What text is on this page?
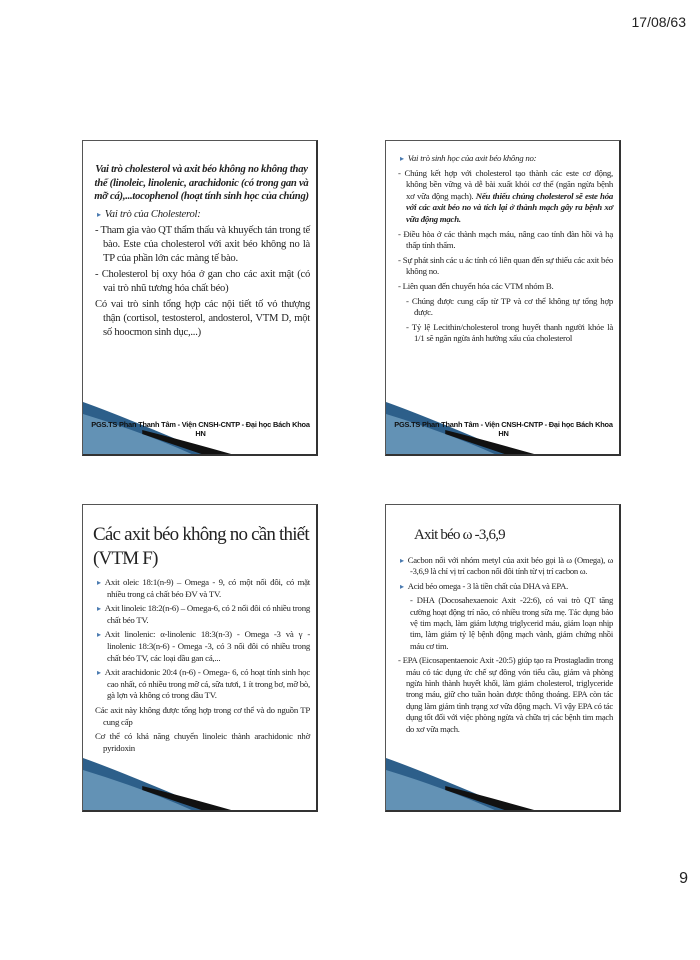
17/08/63
Vai trò cholesterol và axit béo không no không thay thế (linoleic, linolenic, arachidonic (có trong gan và mỡ cá),...tocophenol (hoạt tính sinh học của chúng)

▸ Vai trò của Cholesterol:

- Tham gia vào QT thẩm thấu và khuyếch tán trong tế bào. Este của cholesterol với axit béo không no là TP của phần lớn các màng tế bào.

- Cholesterol bị oxy hóa ở gan cho các axit mật (có vai trò nhũ tương hóa chất béo)

Có vai trò sinh tổng hợp các nội tiết tố vỏ thượng thận (cortisol, testosterol, andosterol, VTM D, một số hoocmon sinh dục,...)

PGS.TS Phan Thanh Tâm - Viện CNSH-CNTP - Đại học Bách Khoa HN

▸ Vai trò sinh học của axit béo không no:

- Chúng kết hợp với cholesterol tạo thành các este cơ động, không bền vững và dễ bài xuất khỏi cơ thể (ngăn ngừa bệnh xơ vữa động mạch). Nếu thiếu chúng cholesterol sẽ este hóa với các axit béo no và tích lại ở thành mạch gây ra bệnh xơ vữa động mạch.

- Điều hòa ở các thành mạch máu, nâng cao tính đàn hồi và hạ thấp tính thấm.

- Sự phát sinh các u ác tính có liên quan đến sự thiếu các axit béo không no.

- Liên quan đến chuyển hóa các VTM nhóm B.

- Chúng được cung cấp từ TP và cơ thể không tự tổng hợp được.

- Tỷ lệ Lecithin/cholesterol trong huyết thanh người khỏe là 1/1 sẽ ngăn ngừa ảnh hưởng xấu của cholesterol

PGS.TS Phan Thanh Tâm - Viện CNSH-CNTP - Đại học Bách Khoa HN
Các axit béo không no cần thiết (VTM F)

▸ Axit oleic 18:1(n-9) – Omega - 9, có một nối đôi, có mặt nhiều trong cả chất béo ĐV và TV.

▸ Axit linoleic 18:2(n-6) – Omega-6, có 2 nối đôi có nhiều trong chất béo TV.

▸ Axit linolenic: α-linolenic 18:3(n-3) - Omega -3 và γ -linolenic 18:3(n-6) - Omega -3, có 3 nối đôi có nhiều trong chất béo TV, các loại dầu gan cá,...

▸ Axit arachidonic 20:4 (n-6) - Omega- 6, có hoạt tính sinh học cao nhất, có nhiều trong mỡ cá, sữa tươi, 1 ít trong bơ, mỡ bò, gà lợn và không có trong dầu TV.

Các axit này không được tổng hợp trong cơ thể và do nguồn TP cung cấp

Cơ thể có khả năng chuyển linoleic thành arachidonic nhờ pyridoxin

Axit béo ω -3,6,9

▸ Cacbon nối với nhóm metyl của axit béo gọi là ω (Omega), ω -3,6,9 là chỉ vị trí cacbon nối đôi tính từ vị trí cacbon ω.

▸ Acid béo omega - 3 là tiền chất của DHA và EPA.

- DHA (Docosahexaenoic Axit -22:6), có vai trò QT tăng cường hoạt động trí não, có nhiều trong sữa mẹ. Tác dụng bảo vệ tim mạch, làm giảm lượng triglycerid máu, giảm loạn nhịp tim, làm giảm tỷ lệ bệnh động mạch vành, giảm chứng nhồi máu cơ tim.

- EPA (Eicosapentaenoic Axit -20:5) giúp tạo ra Prostagladin trong máu có tác dụng ức chế sự đông vón tiểu cầu, giảm và phòng ngừa hình thành huyết khối, làm giảm cholesterol, triglyceride trong máu, giữ cho tuần hoàn được thông thoáng. EPA còn tác dụng làm giảm tình trạng xơ vữa động mạch. Vì vậy EPA có tác dụng tốt đối với việc phòng ngừa và chữa trị các bệnh tim mạch do xơ vữa mạch.

9
